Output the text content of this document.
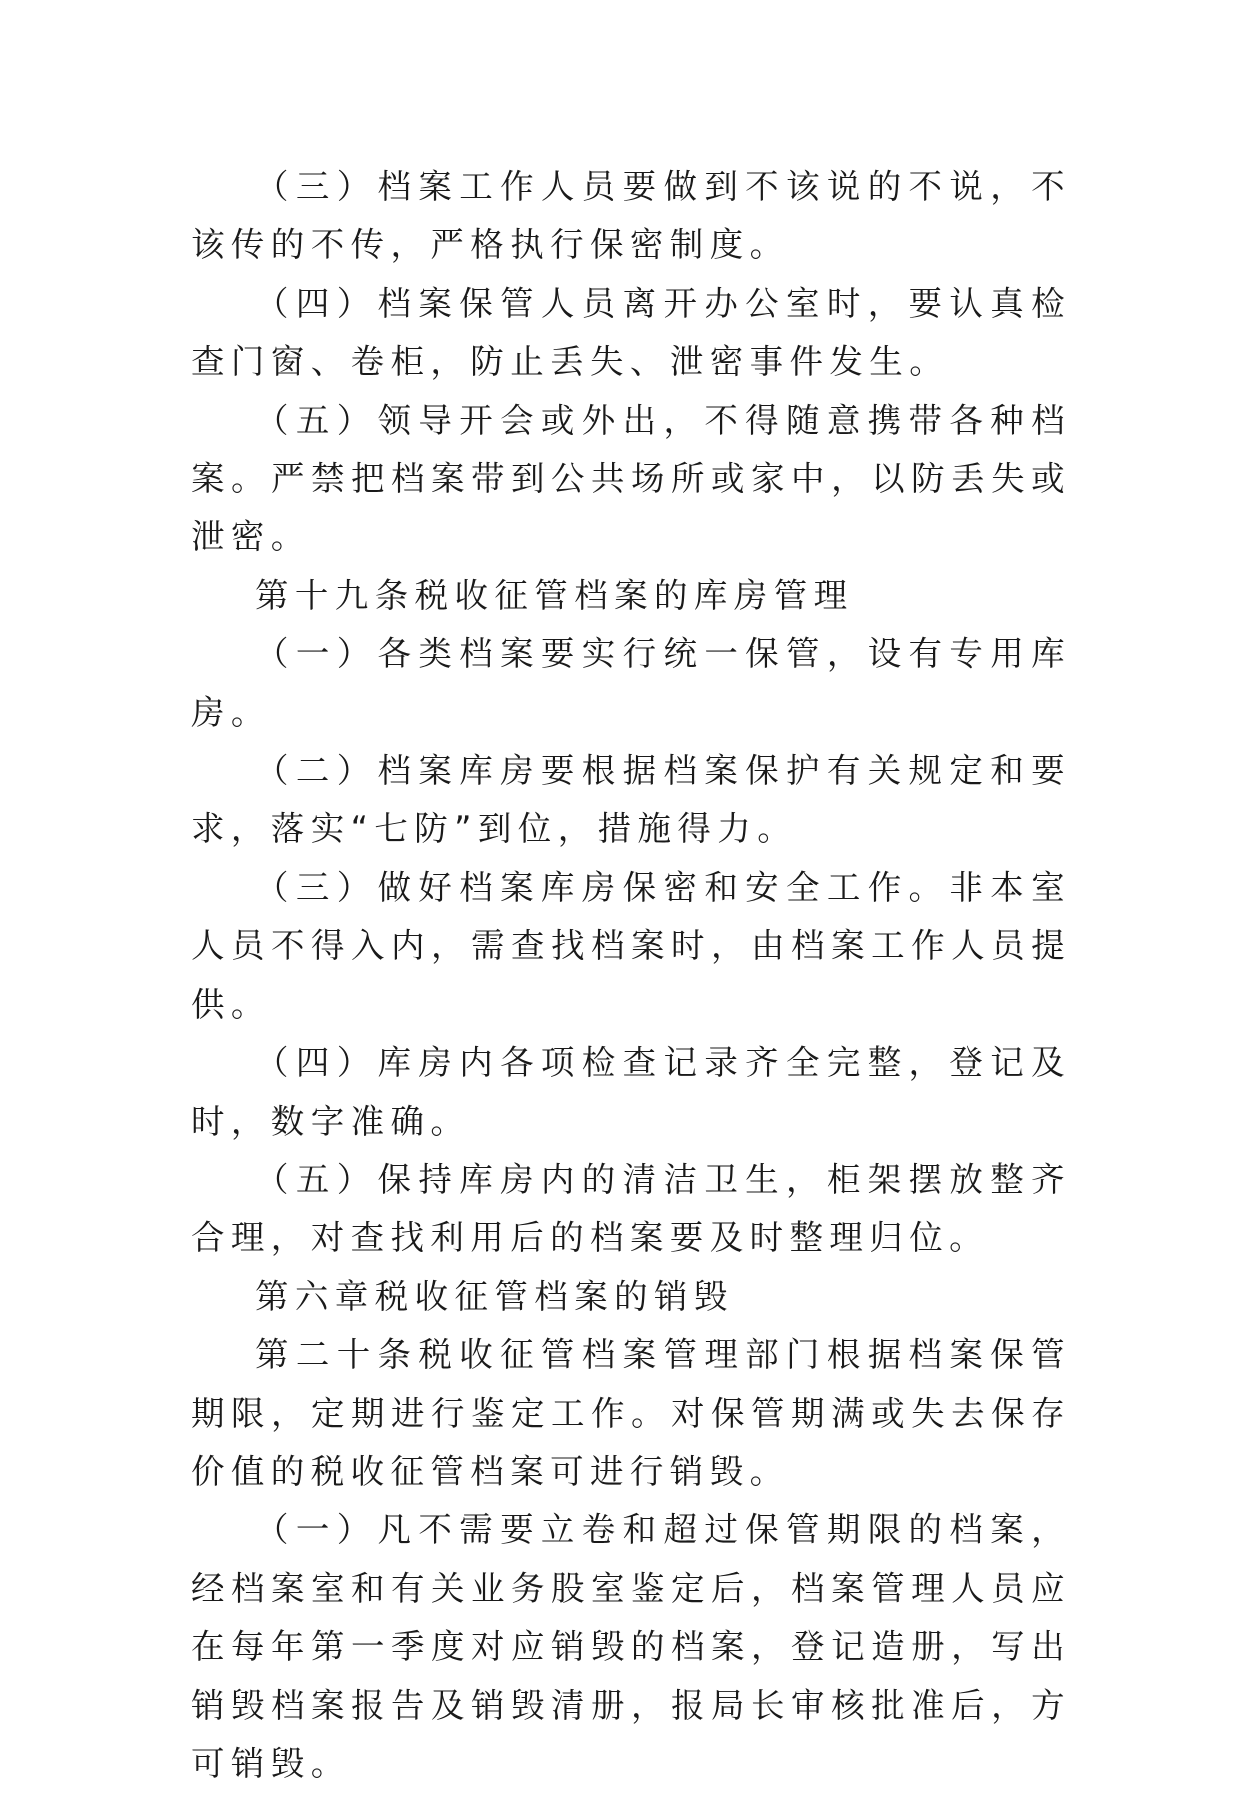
（三）档案工作人员要做到不该说的不说，不该传的不传，严格执行保密制度。

（四）档案保管人员离开办公室时，要认真检查门窗、卷柜，防止丢失、泄密事件发生。

（五）领导开会或外出，不得随意携带各种档案。严禁把档案带到公共场所或家中，以防丢失或泄密。

第十九条税收征管档案的库房管理

（一）各类档案要实行统一保管，设有专用库房。

（二）档案库房要根据档案保护有关规定和要求，落实“七防”到位，措施得力。

（三）做好档案库房保密和安全工作。非本室人员不得入内，需查找档案时，由档案工作人员提供。

（四）库房内各项检查记录齐全完整，登记及时，数字准确。

（五）保持库房内的清洁卫生，柜架摆放整齐合理，对查找利用后的档案要及时整理归位。

第六章税收征管档案的销毁

第二十条税收征管档案管理部门根据档案保管期限，定期进行鉴定工作。对保管期满或失去保存价值的税收征管档案可进行销毁。

（一）凡不需要立卷和超过保管期限的档案，经档案室和有关业务股室鉴定后，档案管理人员应在每年第一季度对应销毁的档案，登记造册，写出销毁档案报告及销毁清册，报局长审核批准后，方可销毁。
